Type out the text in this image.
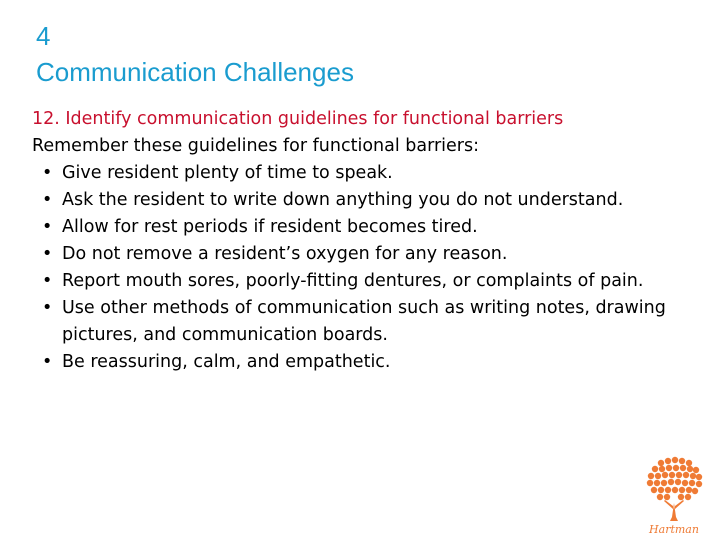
4
Communication Challenges
12. Identify communication guidelines for functional barriers
Remember these guidelines for functional barriers:
• Give resident plenty of time to speak.
• Ask the resident to write down anything you do not understand.
• Allow for rest periods if resident becomes tired.
• Do not remove a resident’s oxygen for any reason.
• Report mouth sores, poorly-fitting dentures, or complaints of pain.
• Use other methods of communication such as writing notes, drawing pictures, and communication boards.
• Be reassuring, calm, and empathetic.
Hartman
